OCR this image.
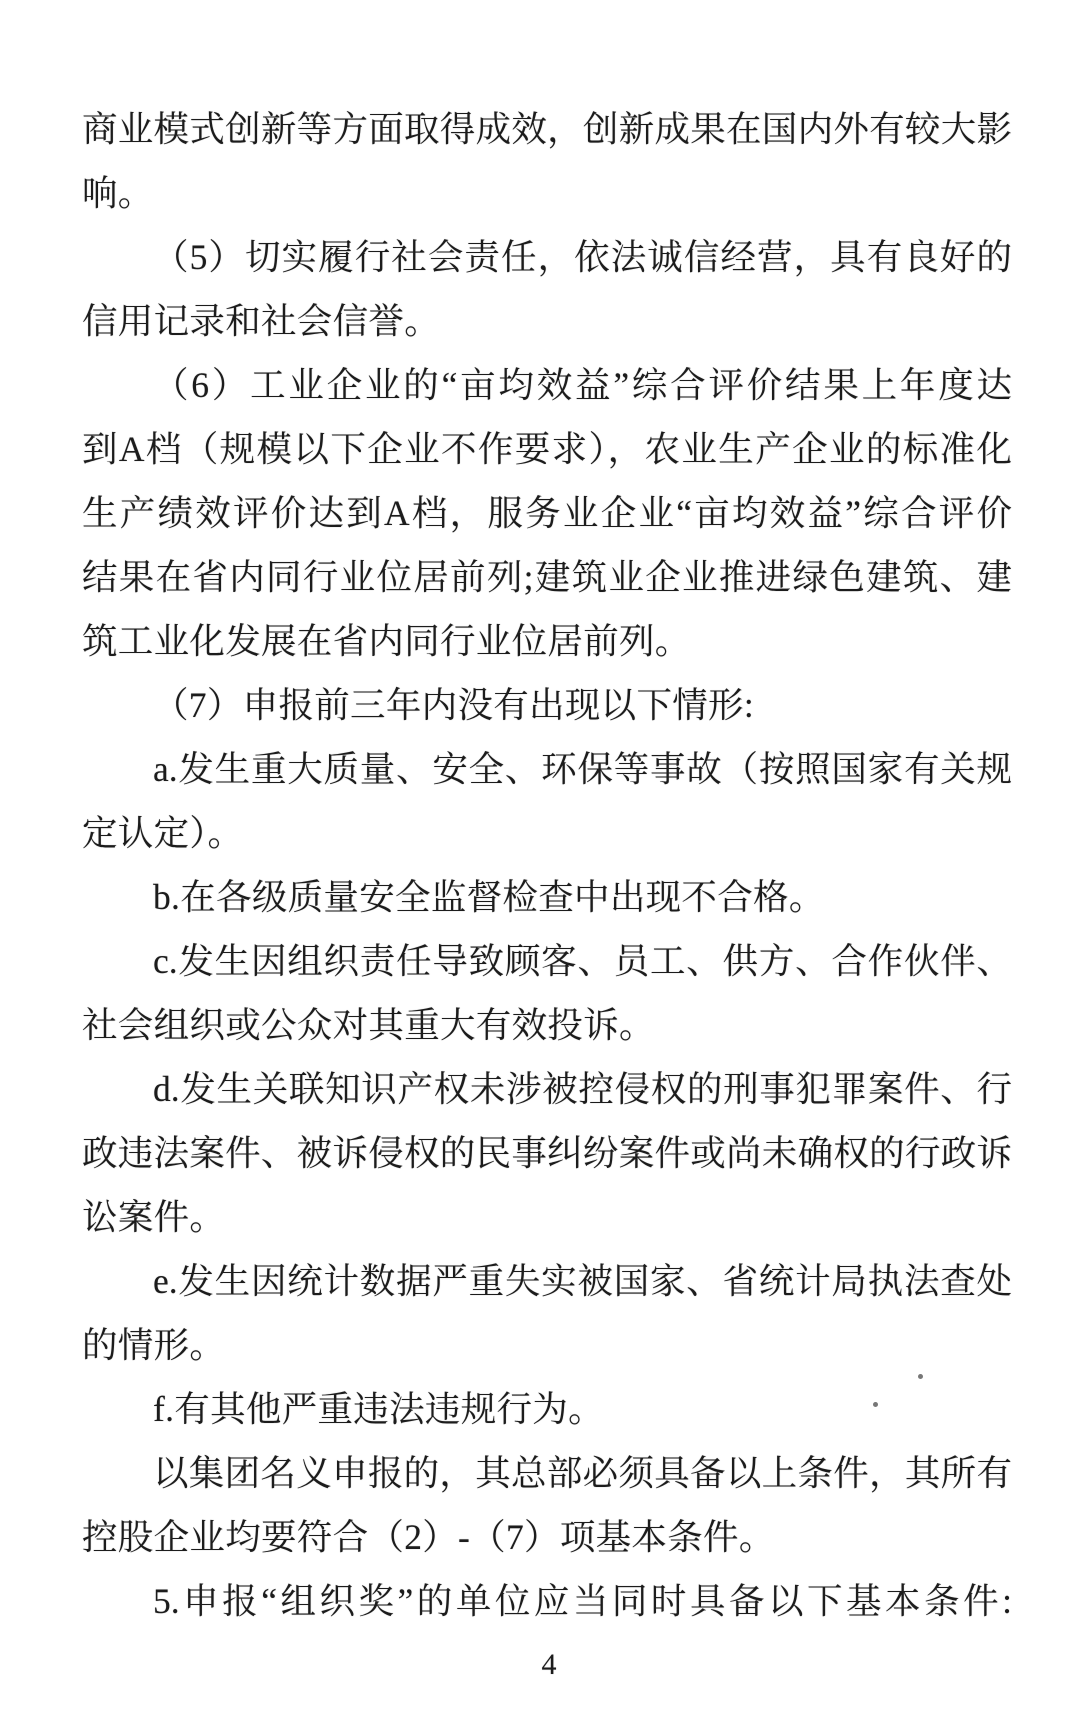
商业模式创新等方面取得成效，创新成果在国内外有较大影
响。
（5）切实履行社会责任，依法诚信经营，具有良好的
信用记录和社会信誉。
（6）工业企业的“亩均效益”综合评价结果上年度达
到A档（规模以下企业不作要求），农业生产企业的标准化
生产绩效评价达到A档，服务业企业“亩均效益”综合评价
结果在省内同行业位居前列;建筑业企业推进绿色建筑、建
筑工业化发展在省内同行业位居前列。
（7）申报前三年内没有出现以下情形:
a.发生重大质量、安全、环保等事故（按照国家有关规
定认定）。
b.在各级质量安全监督检查中出现不合格。
c.发生因组织责任导致顾客、员工、供方、合作伙伴、
社会组织或公众对其重大有效投诉。
d.发生关联知识产权未涉被控侵权的刑事犯罪案件、行
政违法案件、被诉侵权的民事纠纷案件或尚未确权的行政诉
讼案件。
e.发生因统计数据严重失实被国家、省统计局执法查处
的情形。
f.有其他严重违法违规行为。
以集团名义申报的，其总部必须具备以上条件，其所有
控股企业均要符合（2）-（7）项基本条件。
5.申报“组织奖”的单位应当同时具备以下基本条件:
4
